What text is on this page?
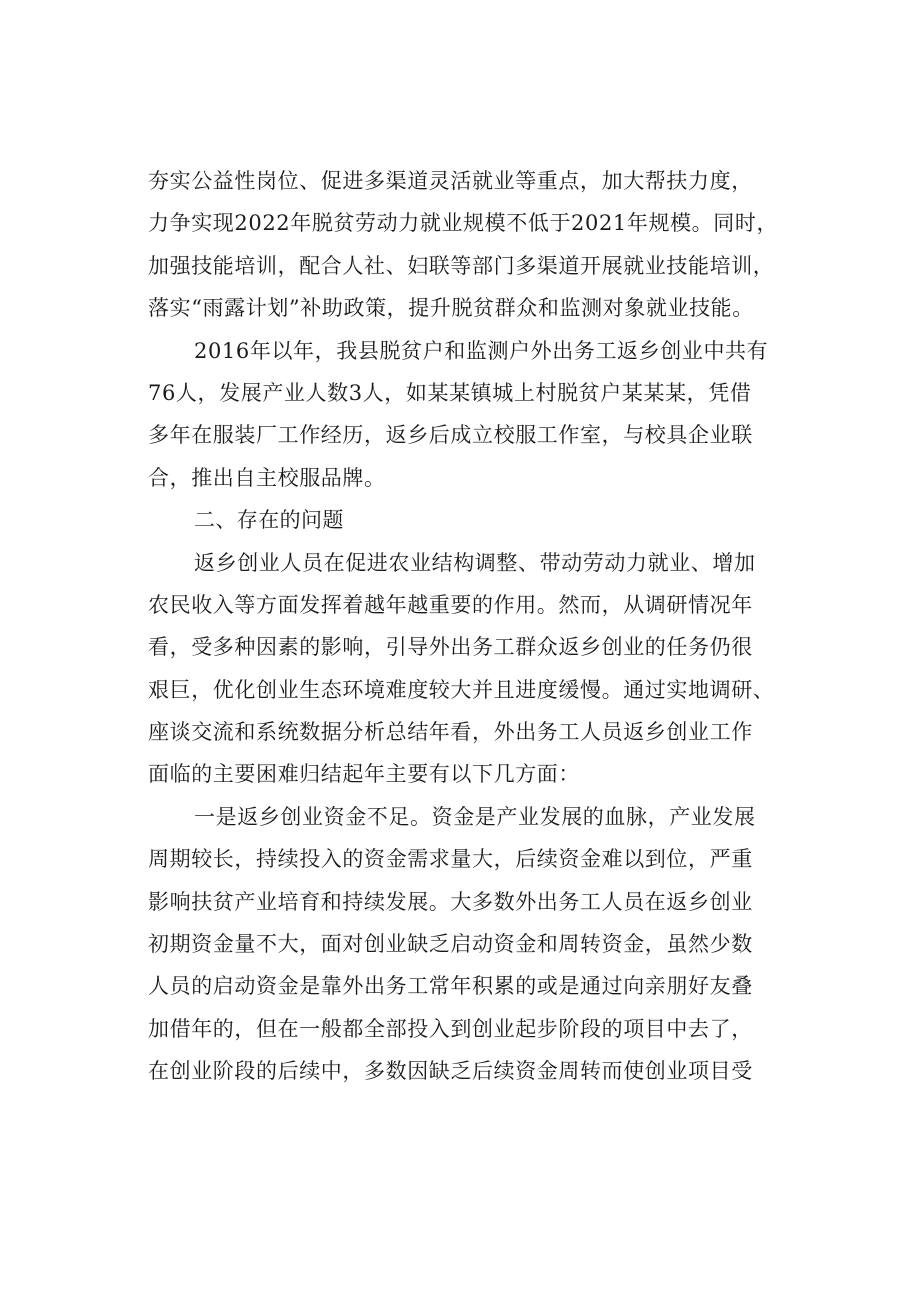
夯实公益性岗位、促进多渠道灵活就业等重点，加大帮扶力度，
力争实现2022年脱贫劳动力就业规模不低于2021年规模。同时，
加强技能培训，配合人社、妇联等部门多渠道开展就业技能培训，
落实“雨露计划”补助政策，提升脱贫群众和监测对象就业技能。
2016年以年，我县脱贫户和监测户外出务工返乡创业中共有
76人，发展产业人数3人，如某某镇城上村脱贫户某某某，凭借
多年在服装厂工作经历，返乡后成立校服工作室，与校具企业联
合，推出自主校服品牌。
二、存在的问题
返乡创业人员在促进农业结构调整、带动劳动力就业、增加
农民收入等方面发挥着越年越重要的作用。然而，从调研情况年
看，受多种因素的影响，引导外出务工群众返乡创业的任务仍很
艰巨，优化创业生态环境难度较大并且进度缓慢。通过实地调研、
座谈交流和系统数据分析总结年看，外出务工人员返乡创业工作
面临的主要困难归结起年主要有以下几方面：
一是返乡创业资金不足。资金是产业发展的血脉，产业发展
周期较长，持续投入的资金需求量大，后续资金难以到位，严重
影响扶贫产业培育和持续发展。大多数外出务工人员在返乡创业
初期资金量不大，面对创业缺乏启动资金和周转资金，虽然少数
人员的启动资金是靠外出务工常年积累的或是通过向亲朋好友叠
加借年的，但在一般都全部投入到创业起步阶段的项目中去了，
在创业阶段的后续中，多数因缺乏后续资金周转而使创业项目受
